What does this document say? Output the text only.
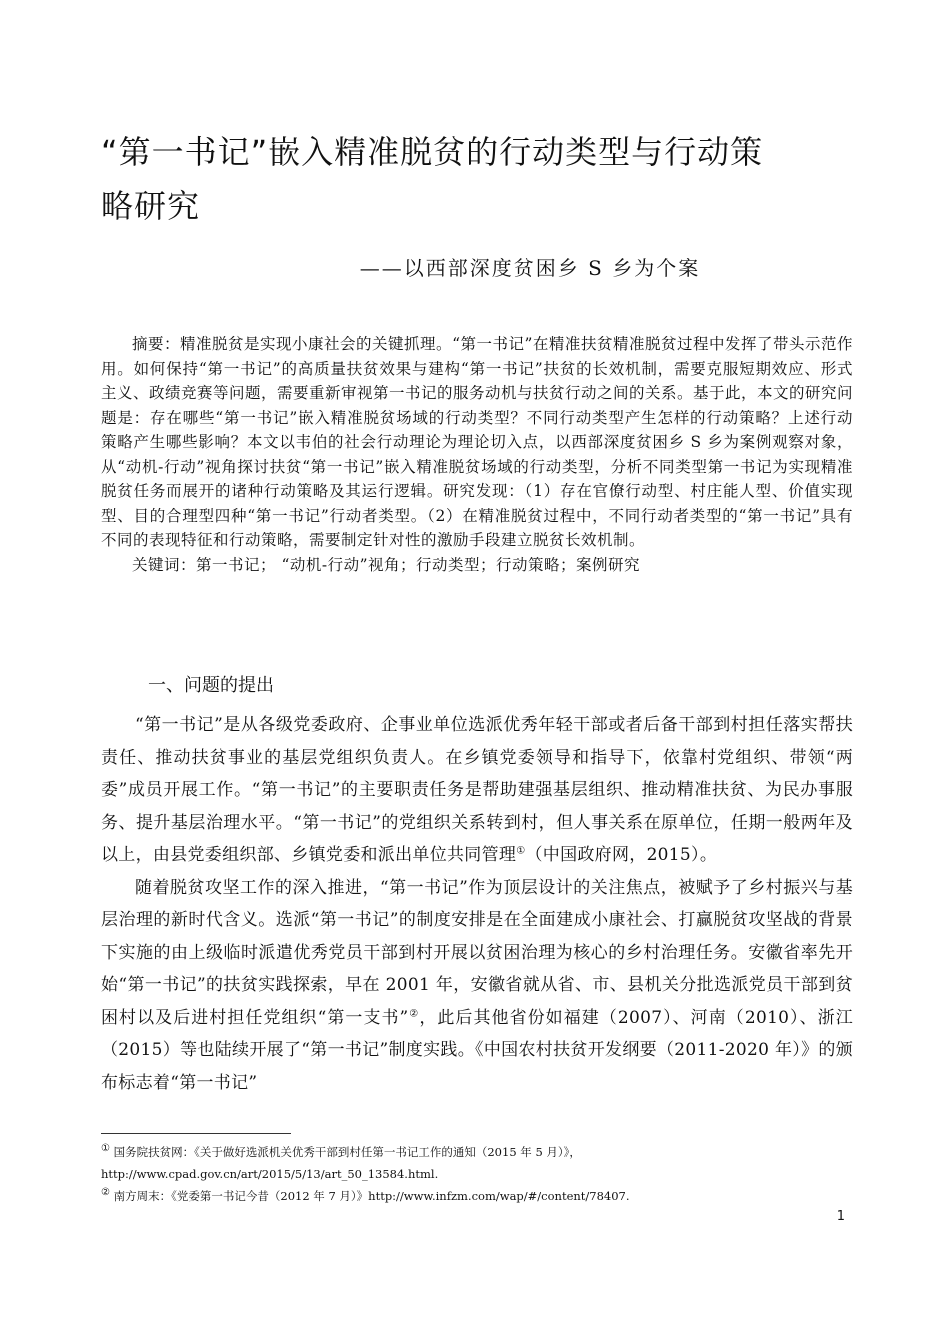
“第一书记”嵌入精准脱贫的行动类型与行动策
略研究
——以西部深度贫困乡 S 乡为个案

摘要：精准脱贫是实现小康社会的关键抓理。“第一书记”在精准扶贫精准脱贫过程中发挥了带头示范作用。如何保持“第一书记”的高质量扶贫效果与建构“第一书记”扶贫的长效机制，需要克服短期效应、形式主义、政绩竞赛等问题，需要重新审视第一书记的服务动机与扶贫行动之间的关系。基于此，本文的研究问题是：存在哪些“第一书记”嵌入精准脱贫场域的行动类型？不同行动类型产生怎样的行动策略？上述行动策略产生哪些影响？本文以韦伯的社会行动理论为理论切入点，以西部深度贫困乡 S 乡为案例观察对象，从“动机-行动”视角探讨扶贫“第一书记”嵌入精准脱贫场域的行动类型，分析不同类型第一书记为实现精准脱贫任务而展开的诸种行动策略及其运行逻辑。研究发现：（1）存在官僚行动型、村庄能人型、价值实现型、目的合理型四种“第一书记”行动者类型。（2）在精准脱贫过程中，不同行动者类型的“第一书记”具有不同的表现特征和行动策略，需要制定针对性的激励手段建立脱贫长效机制。

关键词：第一书记； “动机-行动”视角；行动类型；行动策略；案例研究

一、问题的提出

“第一书记”是从各级党委政府、企事业单位选派优秀年轻干部或者后备干部到村担任落实帮扶责任、推动扶贫事业的基层党组织负责人。在乡镇党委领导和指导下，依靠村党组织、带领“两委”成员开展工作。“第一书记”的主要职责任务是帮助建强基层组织、推动精准扶贫、为民办事服务、提升基层治理水平。“第一书记”的党组织关系转到村，但人事关系在原单位，任期一般两年及以上，由县党委组织部、乡镇党委和派出单位共同管理①（中国政府网，2015）。

随着脱贫攻坚工作的深入推进，“第一书记”作为顶层设计的关注焦点，被赋予了乡村振兴与基层治理的新时代含义。选派“第一书记”的制度安排是在全面建成小康社会、打赢脱贫攻坚战的背景下实施的由上级临时派遣优秀党员干部到村开展以贫困治理为核心的乡村治理任务。安徽省率先开始“第一书记”的扶贫实践探索，早在 2001 年，安徽省就从省、市、县机关分批选派党员干部到贫困村以及后进村担任党组织“第一支书”②，此后其他省份如福建（2007）、河南（2010）、浙江（2015）等也陆续开展了“第一书记”制度实践。《中国农村扶贫开发纲要（2011-2020 年）》的颁布标志着“第一书记”

① 国务院扶贫网：《关于做好选派机关优秀干部到村任第一书记工作的通知（2015 年 5 月）》，
http://www.cpad.gov.cn/art/2015/5/13/art_50_13584.html.
② 南方周末：《党委第一书记今昔（2012 年 7 月）》http://www.infzm.com/wap/#/content/78407.
1
